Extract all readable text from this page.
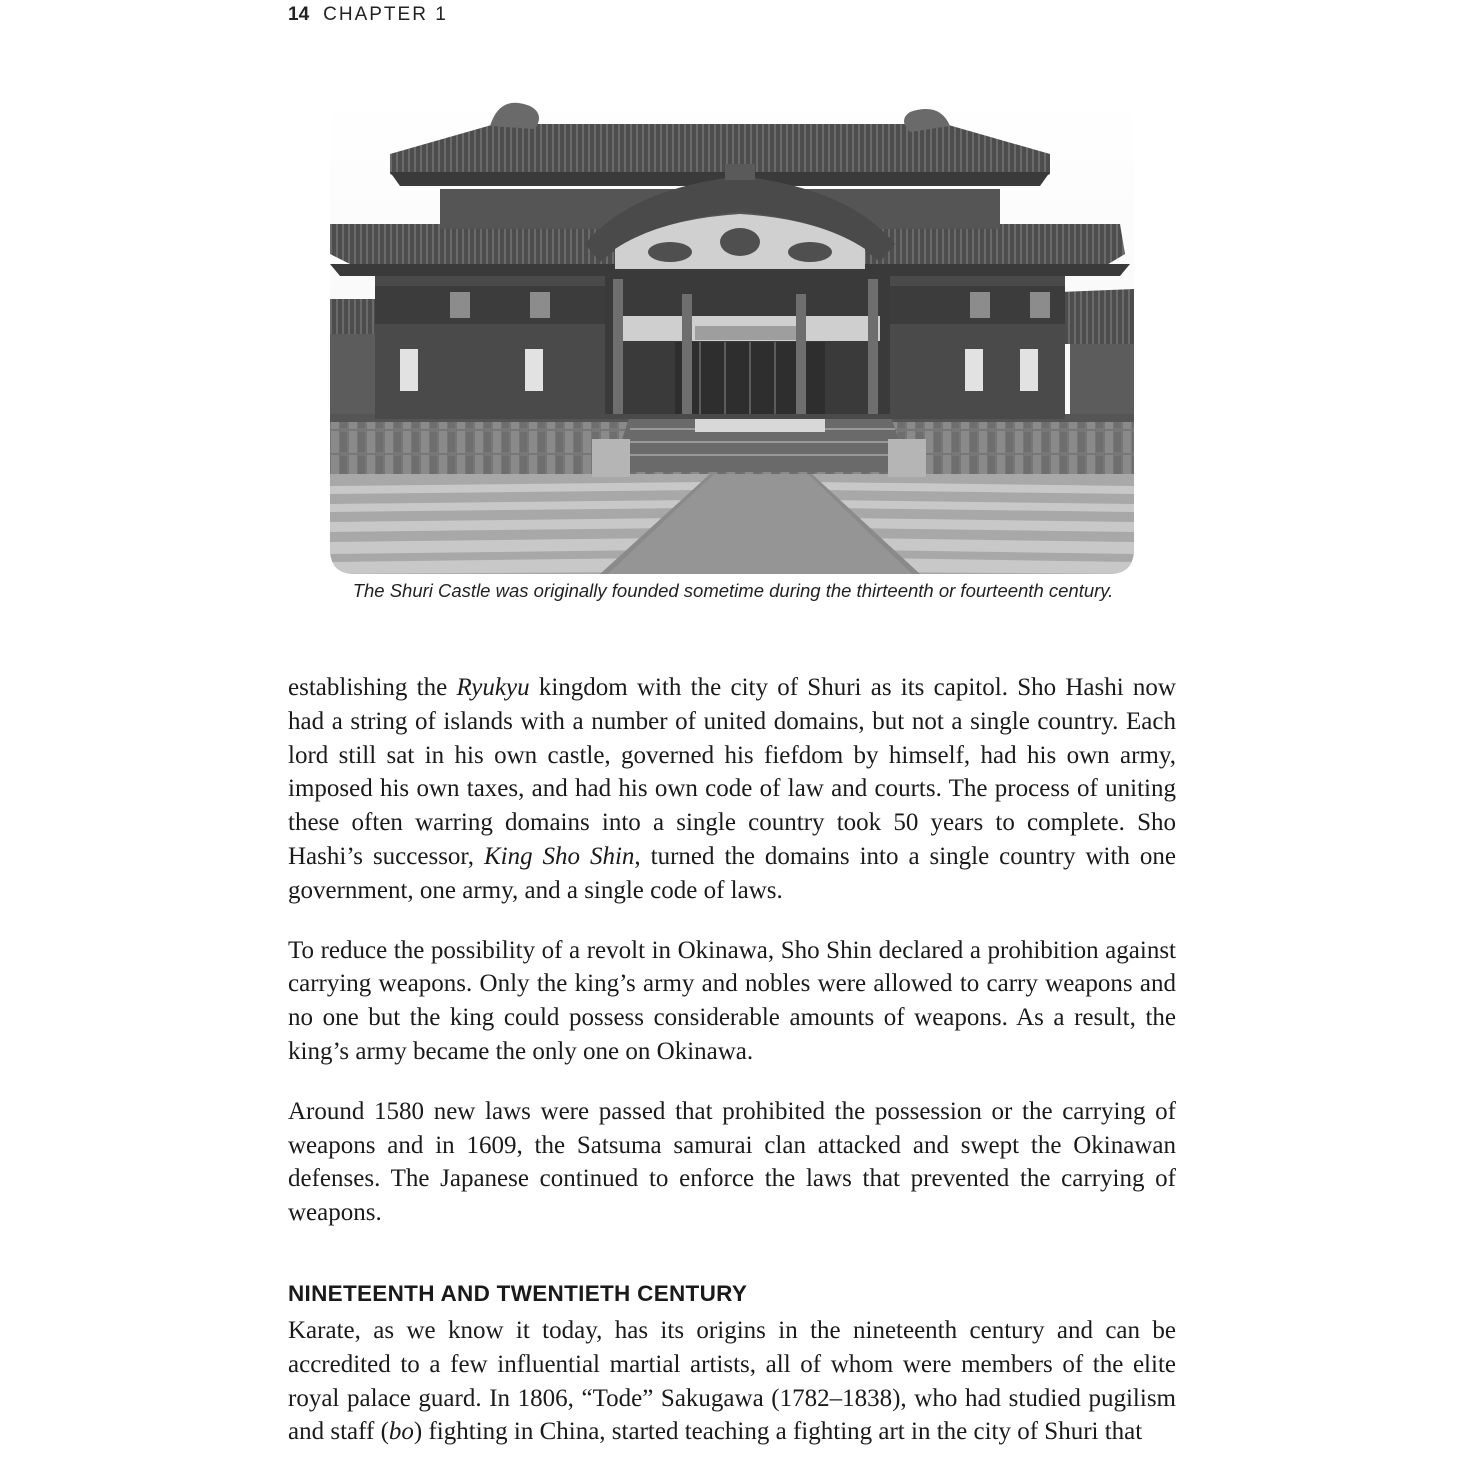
14 CHAPTER 1
The Shuri Castle was originally founded sometime during the thirteenth or fourteenth century.

establishing the Ryukyu kingdom with the city of Shuri as its capitol. Sho Hashi now had a string of islands with a number of united domains, but not a single country. Each lord still sat in his own castle, governed his fiefdom by himself, had his own army, imposed his own taxes, and had his own code of law and courts. The process of uniting these often warring domains into a single country took 50 years to complete. Sho Hashi’s successor, King Sho Shin, turned the domains into a single country with one government, one army, and a single code of laws.

To reduce the possibility of a revolt in Okinawa, Sho Shin declared a prohibition against carrying weapons. Only the king’s army and nobles were allowed to carry weapons and no one but the king could possess considerable amounts of weapons. As a result, the king’s army became the only one on Okinawa.

Around 1580 new laws were passed that prohibited the possession or the carrying of weapons and in 1609, the Satsuma samurai clan attacked and swept the Okinawan defenses. The Japanese continued to enforce the laws that prevented the carrying of weapons.

NINETEENTH AND TWENTIETH CENTURY

Karate, as we know it today, has its origins in the nineteenth century and can be accredited to a few influential martial artists, all of whom were members of the elite royal palace guard. In 1806, “Tode” Sakugawa (1782–1838), who had studied pugilism and staff (bo) fighting in China, started teaching a fighting art in the city of Shuri that
